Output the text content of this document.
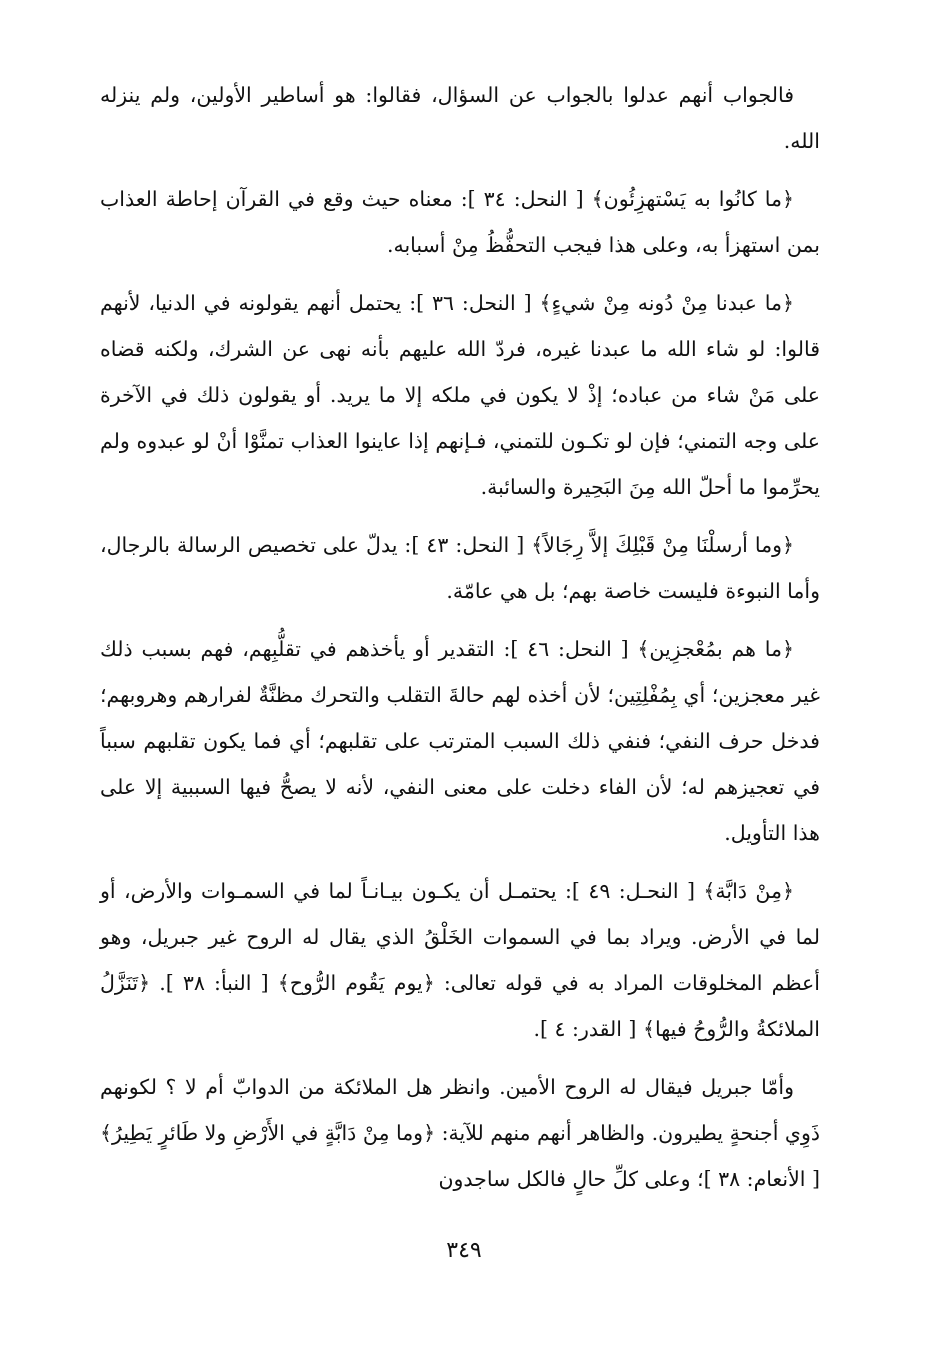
فالجواب أنهم عدلوا بالجواب عن السؤال، فقالوا: هو أساطير الأولين، ولم ينزله الله.

﴿ما كانُوا به يَسْتهزِئُون﴾ [ النحل: ٣٤ ]: معناه حيث وقع في القرآن إحاطة العذاب بمن استهزأ به، وعلى هذا فيجب التحفُّظُ مِنْ أسبابه.

﴿ما عبدنا مِنْ دُونه مِنْ شيءٍ﴾ [ النحل: ٣٦ ]: يحتمل أنهم يقولونه في الدنيا، لأنهم قالوا: لو شاء الله ما عبدنا غيره، فردّ الله عليهم بأنه نهى عن الشرك، ولكنه قضاه على مَنْ شاء من عباده؛ إذْ لا يكون في ملكه إلا ما يريد. أو يقولون ذلك في الآخرة على وجه التمني؛ فإن لو تكـون للتمني، فـإنهم إذا عاينوا العذاب تمنَّوْا أنْ لو عبدوه ولم يحرِّموا ما أحلّ الله مِنَ البَحِيرة والسائبة.

﴿وما أرسلْنَا مِنْ قَبْلِكَ إلاَّ رِجَالاً﴾ [ النحل: ٤٣ ]: يدلّ على تخصيص الرسالة بالرجال، وأما النبوءة فليست خاصة بهم؛ بل هي عامّة.

﴿ما هم بمُعْجزِين﴾ [ النحل: ٤٦ ]: التقدير أو يأخذهم في تقلُّبِهم، فهم بسبب ذلك غير معجزين؛ أي بِمُفْلِتِين؛ لأن أخذه لهم حالةَ التقلب والتحرك مظنَّةٌ لفرارهم وهروبهم؛ فدخل حرف النفي؛ فنفي ذلك السبب المترتب على تقلبهم؛ أي فما يكون تقلبهم سبباً في تعجيزهم له؛ لأن الفاء دخلت على معنى النفي، لأنه لا يصحُّ فيها السببية إلا على هذا التأويل.

﴿مِنْ دَابَّة﴾ [ النحـل: ٤٩ ]: يحتمـل أن يكـون بيـانـاً لما في السمـوات والأرض، أو لما في الأرض. ويراد بما في السموات الخَلْقُ الذي يقال له الروح غير جبريل، وهو أعظم المخلوقات المراد به في قوله تعالى: ﴿يوم يَقُوم الرُّوح﴾ [ النبأ: ٣٨ ]. ﴿تَنَزَّلُ الملائكةُ والرُّوحُ فيها﴾ [ القدر: ٤ ].

وأمّا جبريل فيقال له الروح الأمين. وانظر هل الملائكة من الدوابّ أم لا ؟ لكونهم ذَوِي أجنحةٍ يطيرون. والظاهر أنهم منهم للآية: ﴿وما مِنْ دَابَّةٍ في الأَرْضِ ولا طَائرٍ يَطِيرُ﴾ [ الأنعام: ٣٨ ]؛ وعلى كلِّ حالٍ فالكل ساجدون

٣٤٩
